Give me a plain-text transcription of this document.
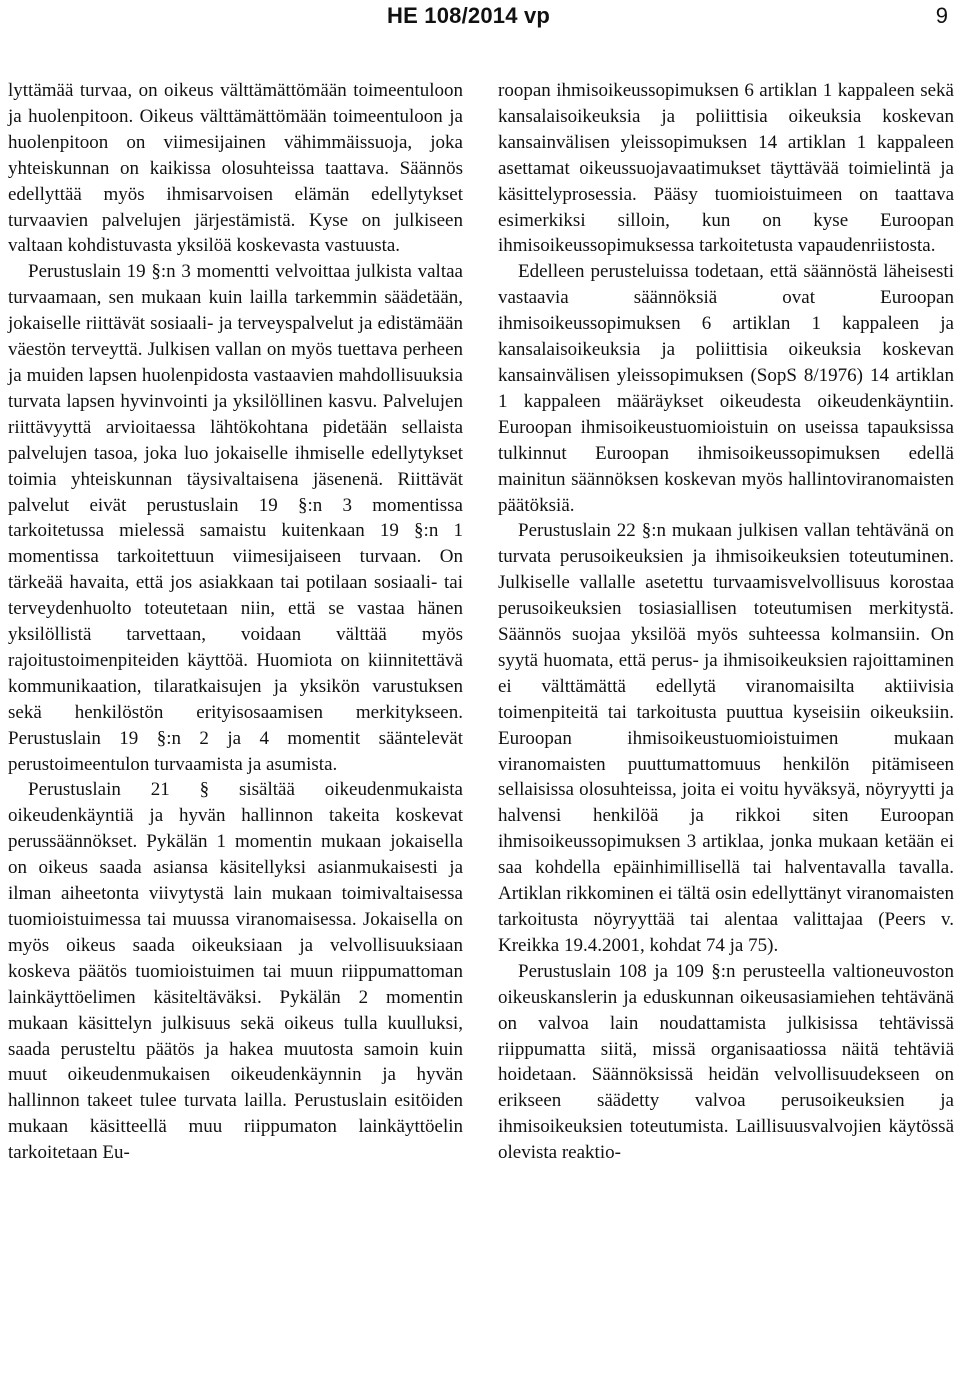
HE 108/2014 vp	9

lyttämää turvaa, on oikeus välttämättömään toimeentuloon ja huolenpitoon. Oikeus välttämättömään toimeentuloon ja huolenpitoon on viimesijainen vähimmäissuoja, joka yhteiskunnan on kaikissa olosuhteissa taattava. Säännös edellyttää myös ihmisarvoisen elämän edellytykset turvaavien palvelujen järjestämistä. Kyse on julkiseen valtaan kohdistuvasta yksilöä koskevasta vastuusta.

Perustuslain 19 §:n 3 momentti velvoittaa julkista valtaa turvaamaan, sen mukaan kuin lailla tarkemmin säädetään, jokaiselle riittävät sosiaali- ja terveyspalvelut ja edistämään väestön terveyttä. Julkisen vallan on myös tuettava perheen ja muiden lapsen huolenpidosta vastaavien mahdollisuuksia turvata lapsen hyvinvointi ja yksilöllinen kasvu. Palvelujen riittävyyttä arvioitaessa lähtökohtana pidetään sellaista palvelujen tasoa, joka luo jokaiselle ihmiselle edellytykset toimia yhteiskunnan täysivaltaisena jäsenenä. Riittävät palvelut eivät perustuslain 19 §:n 3 momentissa tarkoitetussa mielessä samaistu kuitenkaan 19 §:n 1 momentissa tarkoitettuun viimesijaiseen turvaan. On tärkeää havaita, että jos asiakkaan tai potilaan sosiaali- tai terveydenhuolto toteutetaan niin, että se vastaa hänen yksilöllistä tarvettaan, voidaan välttää myös rajoitustoimenpiteiden käyttöä. Huomiota on kiinnitettävä kommunikaation, tilaratkaisujen ja yksikön varustuksen sekä henkilöstön erityisosaamisen merkitykseen. Perustuslain 19 §:n 2 ja 4 momentit sääntelevät perustoimeentulon turvaamista ja asumista.

Perustuslain 21 § sisältää oikeudenmukaista oikeudenkäyntiä ja hyvän hallinnon takeita koskevat perussäännökset. Pykälän 1 momentin mukaan jokaisella on oikeus saada asiansa käsitellyksi asianmukaisesti ja ilman aiheetonta viivytystä lain mukaan toimivaltaisessa tuomioistuimessa tai muussa viranomaisessa. Jokaisella on myös oikeus saada oikeuksiaan ja velvollisuuksiaan koskeva päätös tuomioistuimen tai muun riippumattoman lainkäyttöelimen käsiteltäväksi. Pykälän 2 momentin mukaan käsittelyn julkisuus sekä oikeus tulla kuulluksi, saada perusteltu päätös ja hakea muutosta samoin kuin muut oikeudenmukaisen oikeudenkäynnin ja hyvän hallinnon takeet tulee turvata lailla. Perustuslain esitöiden mukaan käsitteellä muu riippumaton lainkäyttöelin tarkoitetaan Eu-

roopan ihmisoikeussopimuksen 6 artiklan 1 kappaleen sekä kansalaisoikeuksia ja poliittisia oikeuksia koskevan kansainvälisen yleissopimuksen 14 artiklan 1 kappaleen asettamat oikeussuojavaatimukset täyttävää toimielintä ja käsittelyprosessia. Pääsy tuomioistuimeen on taattava esimerkiksi silloin, kun on kyse Euroopan ihmisoikeussopimuksessa tarkoitetusta vapaudenriistosta.

Edelleen perusteluissa todetaan, että säännöstä läheisesti vastaavia säännöksiä ovat Euroopan ihmisoikeussopimuksen 6 artiklan 1 kappaleen ja kansalaisoikeuksia ja poliittisia oikeuksia koskevan kansainvälisen yleissopimuksen (SopS 8/1976) 14 artiklan 1 kappaleen määräykset oikeudesta oikeudenkäyntiin. Euroopan ihmisoikeustuomioistuin on useissa tapauksissa tulkinnut Euroopan ihmisoikeussopimuksen edellä mainitun säännöksen koskevan myös hallintoviranomaisten päätöksiä.

Perustuslain 22 §:n mukaan julkisen vallan tehtävänä on turvata perusoikeuksien ja ihmisoikeuksien toteutuminen. Julkiselle vallalle asetettu turvaamisvelvollisuus korostaa perusoikeuksien tosiasiallisen toteutumisen merkitystä. Säännös suojaa yksilöä myös suhteessa kolmansiin. On syytä huomata, että perus- ja ihmisoikeuksien rajoittaminen ei välttämättä edellytä viranomaisilta aktiivisia toimenpiteitä tai tarkoitusta puuttua kyseisiin oikeuksiin. Euroopan ihmisoikeustuomioistuimen mukaan viranomaisten puuttumattomuus henkilön pitämiseen sellaisissa olosuhteissa, joita ei voitu hyväksyä, nöyryytti ja halvensi henkilöä ja rikkoi siten Euroopan ihmisoikeussopimuksen 3 artiklaa, jonka mukaan ketään ei saa kohdella epäinhimillisellä tai halventavalla tavalla. Artiklan rikkominen ei tältä osin edellyttänyt viranomaisten tarkoitusta nöyryyttää tai alentaa valittajaa (Peers v. Kreikka 19.4.2001, kohdat 74 ja 75).

Perustuslain 108 ja 109 §:n perusteella valtioneuvoston oikeuskanslerin ja eduskunnan oikeusasiamiehen tehtävänä on valvoa lain noudattamista julkisissa tehtävissä riippumatta siitä, missä organisaatiossa näitä tehtäviä hoidetaan. Säännöksissä heidän velvollisuudekseen on erikseen säädetty valvoa perusoikeuksien ja ihmisoikeuksien toteutumista. Laillisuusvalvojien käytössä olevista reaktio-
